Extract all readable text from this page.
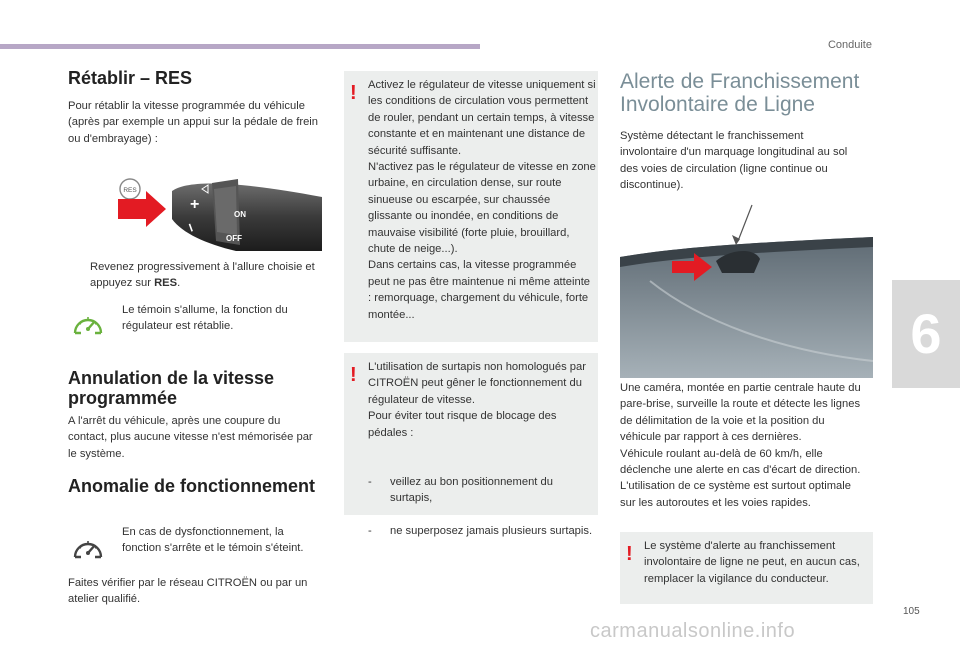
Conduite
Rétablir – RES
Pour rétablir la vitesse programmée du véhicule (après par exemple un appui sur la pédale de frein ou d'embrayage) :
RES
+
–
ON
OFF
Revenez progressivement à l'allure choisie et appuyez sur RES.
Le témoin s'allume, la fonction du régulateur est rétablie.
Annulation de la vitesse programmée
A l'arrêt du véhicule, après une coupure du contact, plus aucune vitesse n'est mémorisée par le système.
Anomalie de fonctionnement
En cas de dysfonctionnement, la fonction s'arrête et le témoin s'éteint.
Faites vérifier par le réseau CITROËN ou par un atelier qualifié.
! Activez le régulateur de vitesse uniquement si les conditions de circulation vous permettent de rouler, pendant un certain temps, à vitesse constante et en maintenant une distance de sécurité suffisante.
N'activez pas le régulateur de vitesse en zone urbaine, en circulation dense, sur route sinueuse ou escarpée, sur chaussée glissante ou inondée, en conditions de mauvaise visibilité (forte pluie, brouillard, chute de neige...).
Dans certains cas, la vitesse programmée peut ne pas être maintenue ni même atteinte : remorquage, chargement du véhicule, forte montée...
! L'utilisation de surtapis non homologués par CITROËN peut gêner le fonctionnement du régulateur de vitesse.
Pour éviter tout risque de blocage des pédales :

- veillez au bon positionnement du surtapis,

- ne superposez jamais plusieurs surtapis.

Alerte de Franchissement Involontaire de Ligne
Système détectant le franchissement involontaire d'un marquage longitudinal au sol des voies de circulation (ligne continue ou discontinue).
Une caméra, montée en partie centrale haute du pare-brise, surveille la route et détecte les lignes de délimitation de la voie et la position du véhicule par rapport à ces dernières.
Véhicule roulant au-delà de 60 km/h, elle déclenche une alerte en cas d'écart de direction.
L'utilisation de ce système est surtout optimale sur les autoroutes et les voies rapides.
! Le système d'alerte au franchissement involontaire de ligne ne peut, en aucun cas, remplacer la vigilance du conducteur.
6
105
carmanualsonline.info
